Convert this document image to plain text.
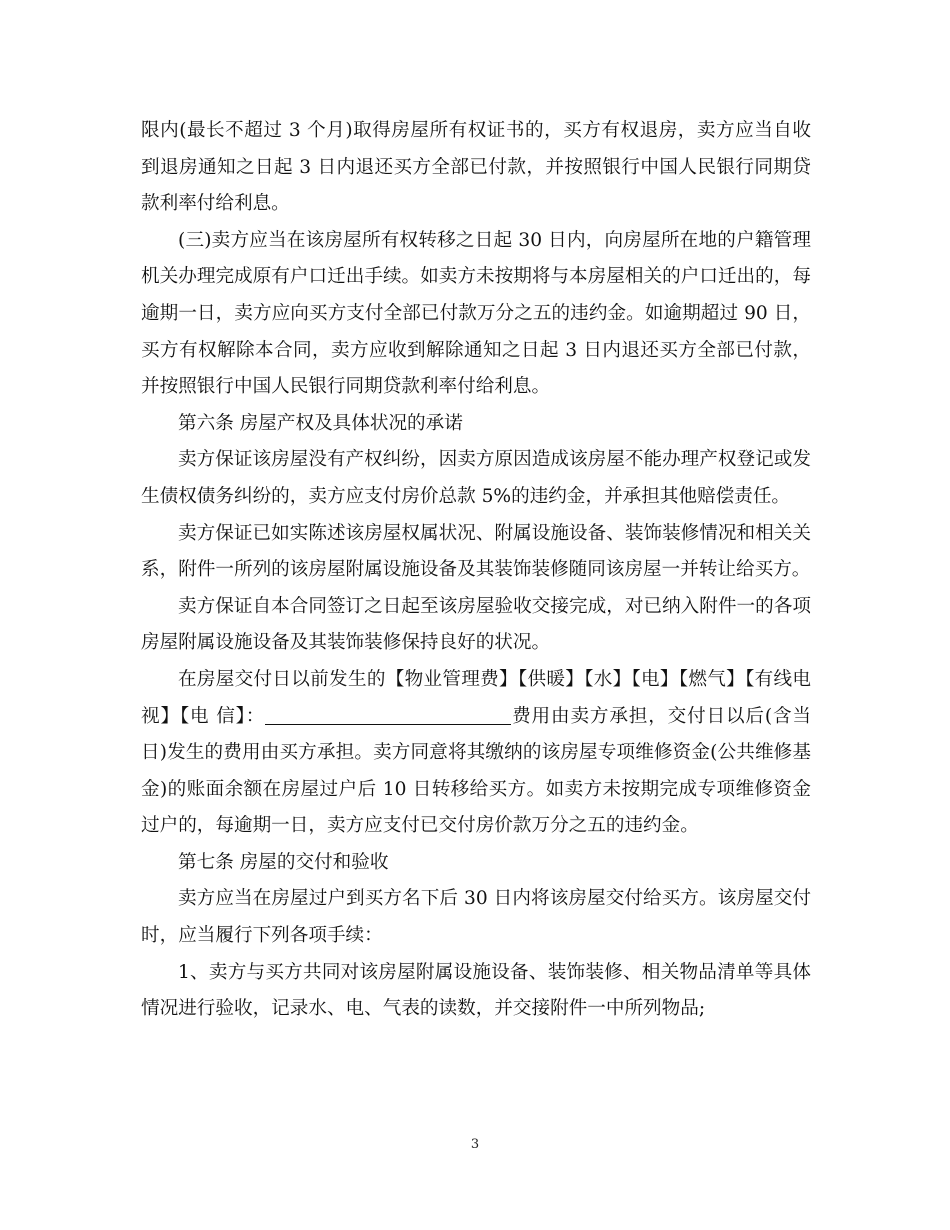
限内(最长不超过 3 个月)取得房屋所有权证书的，买方有权退房，卖方应当自收到退房通知之日起 3 日内退还买方全部已付款，并按照银行中国人民银行同期贷款利率付给利息。

(三)卖方应当在该房屋所有权转移之日起 30 日内，向房屋所在地的户籍管理机关办理完成原有户口迁出手续。如卖方未按期将与本房屋相关的户口迁出的，每逾期一日，卖方应向买方支付全部已付款万分之五的违约金。如逾期超过 90 日，买方有权解除本合同，卖方应收到解除通知之日起 3 日内退还买方全部已付款，并按照银行中国人民银行同期贷款利率付给利息。

第六条 房屋产权及具体状况的承诺

卖方保证该房屋没有产权纠纷，因卖方原因造成该房屋不能办理产权登记或发生债权债务纠纷的，卖方应支付房价总款 5%的违约金，并承担其他赔偿责任。

卖方保证已如实陈述该房屋权属状况、附属设施设备、装饰装修情况和相关关系，附件一所列的该房屋附属设施设备及其装饰装修随同该房屋一并转让给买方。

卖方保证自本合同签订之日起至该房屋验收交接完成，对已纳入附件一的各项房屋附属设施设备及其装饰装修保持良好的状况。

在房屋交付日以前发生的【物业管理费】【供暖】【水】【电】【燃气】【有线电视】【电 信】：	费用由卖方承担，交付日以后(含当日)发生的费用由买方承担。卖方同意将其缴纳的该房屋专项维修资金(公共维修基金)的账面余额在房屋过户后 10 日转移给买方。如卖方未按期完成专项维修资金过户的，每逾期一日，卖方应支付已交付房价款万分之五的违约金。

第七条 房屋的交付和验收

卖方应当在房屋过户到买方名下后 30 日内将该房屋交付给买方。该房屋交付时，应当履行下列各项手续：

1、卖方与买方共同对该房屋附属设施设备、装饰装修、相关物品清单等具体情况进行验收，记录水、电、气表的读数，并交接附件一中所列物品;

3
